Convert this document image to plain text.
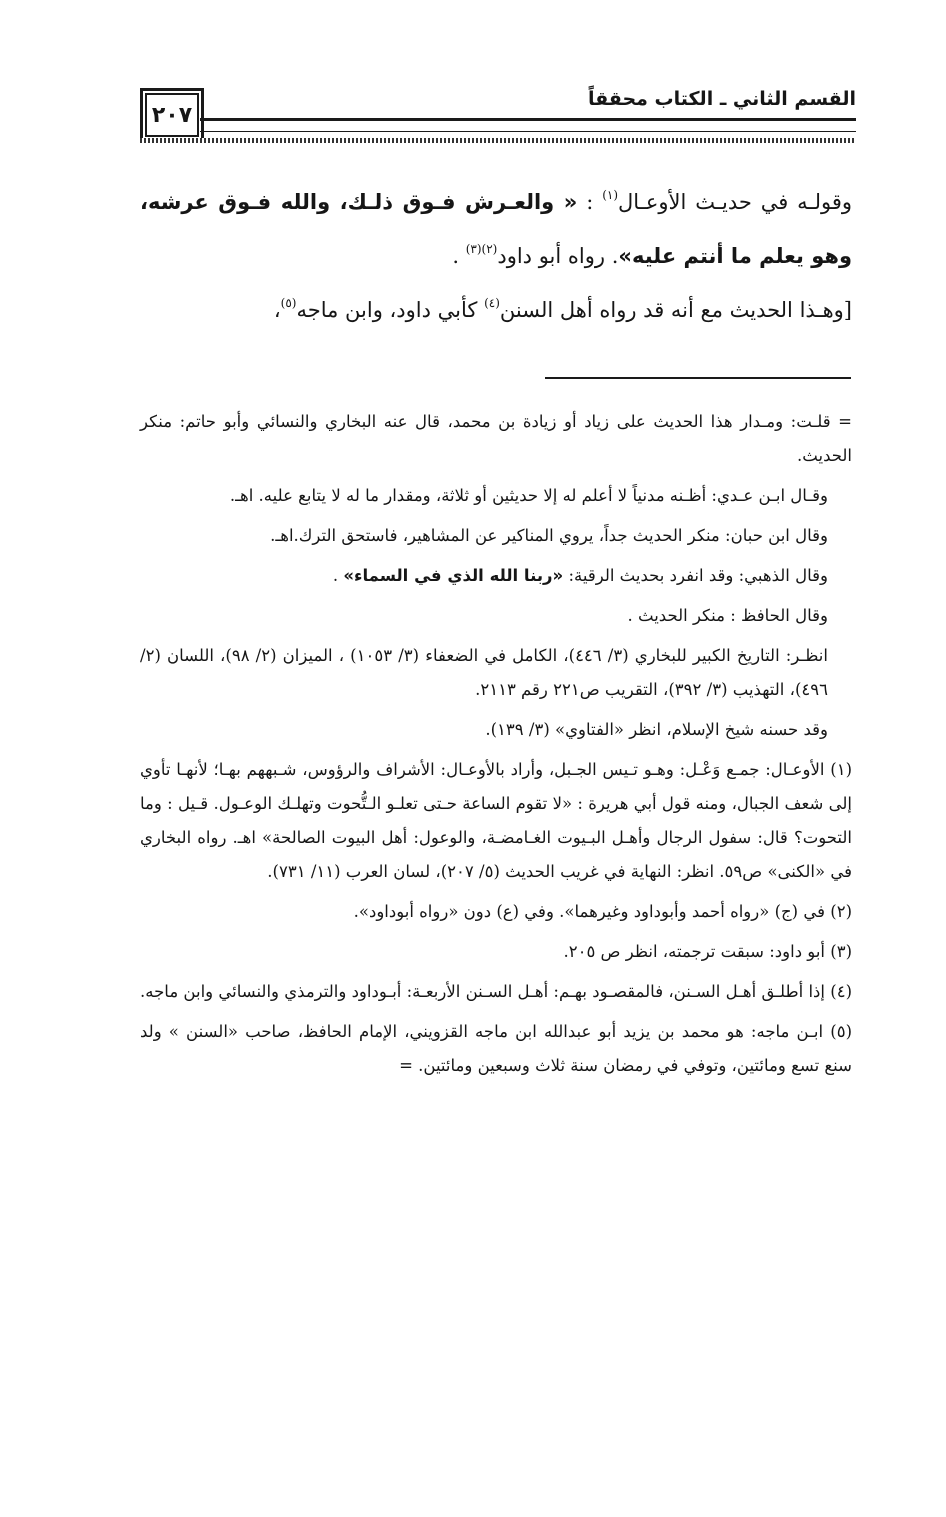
٢٠٧
القسم الثاني ـ الكتاب محققاً

وقولـه في حديـث الأوعـال$^{(١)}$ : « والعـرش فـوق ذلـك، والله فـوق عرشه، وهو يعلم ما أنتم عليه». رواه أبو داود$^{(٢)(٣)}$ .

[وهـذا الحديث مع أنه قد رواه أهل السنن$^{(٤)}$ كأبي داود، وابن ماجه$^{(٥)}$،

= قلـت: ومـدار هذا الحديث على زياد أو زيادة بن محمد، قال عنه البخاري والنسائي وأبو حاتم: منكر الحديث.

وقـال ابـن عـدي: أظـنه مدنياً لا أعلم له إلا حديثين أو ثلاثة، ومقدار ما له لا يتابع عليه. اهـ.

وقال ابن حبان: منكر الحديث جداً، يروي المناكير عن المشاهير، فاستحق الترك.اهـ.

وقال الذهبي: وقد انفرد بحديث الرقية: «ربنا الله الذي في السماء» .

وقال الحافظ : منكر الحديث .

انظـر: التاريخ الكبير للبخاري (٣/ ٤٤٦)، الكامل في الضعفاء (٣/ ١٠٥٣) ، الميزان (٢/ ٩٨)، اللسان (٢/ ٤٩٦)، التهذيب (٣/ ٣٩٢)، التقريب ص٢٢١ رقم ٢١١٣.

وقد حسنه شيخ الإسلام، انظر «الفتاوي» (٣/ ١٣٩).

(١) الأوعـال: جمـع وَعْـل: وهـو تـيس الجـبل، وأراد بالأوعـال: الأشراف والرؤوس، شـبههم بهـا؛ لأنهـا تأوي إلى شعف الجبال، ومنه قول أبي هريرة : «لا تقوم الساعة حـتى تعلـو الـتُّحوت وتهلـك الوعـول. قـيل : وما التحوت؟ قال: سفول الرجال وأهـل البـيوت الغـامضـة، والوعول: أهل البيوت الصالحة» اهـ. رواه البخاري في «الكنى» ص٥٩. انظر: النهاية في غريب الحديث (٥/ ٢٠٧)، لسان العرب (١١/ ٧٣١).

(٢) في (ج) «رواه أحمد وأبوداود وغيرهما». وفي (ع) دون «رواه أبوداود».

(٣) أبو داود: سبقت ترجمته، انظر ص ٢٠٥.

(٤) إذا أطلـق أهـل السـنن، فالمقصـود بهـم: أهـل السـنن الأربعـة: أبـوداود والترمذي والنسائي وابن ماجه.

(٥) ابـن ماجه: هو محمد بن يزيد أبو عبدالله ابن ماجه القزويني، الإمام الحافظ، صاحب «السنن » ولد سنع تسع ومائتين، وتوفي في رمضان سنة ثلاث وسبعين ومائتين. =
